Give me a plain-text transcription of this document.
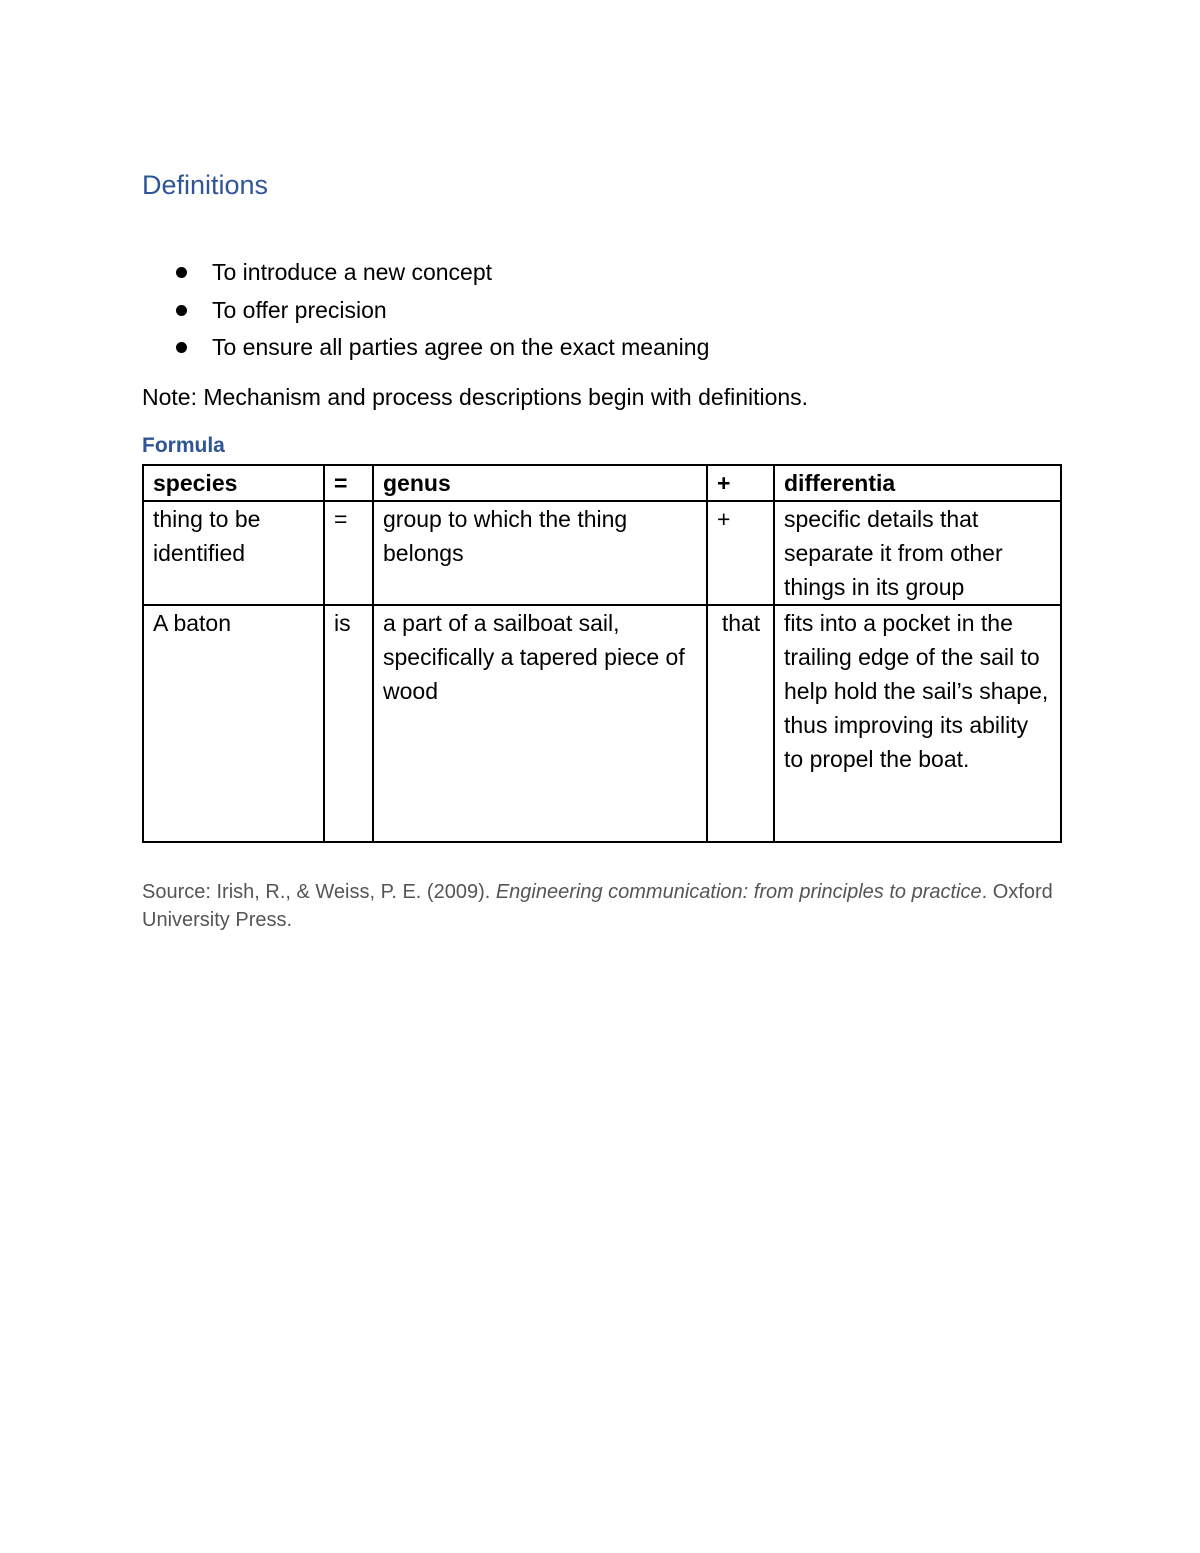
Definitions
To introduce a new concept
To offer precision
To ensure all parties agree on the exact meaning

Note: Mechanism and process descriptions begin with definitions.

Formula
species	=	genus	+	differentia
thing to be identified	=	group to which the thing belongs	+	specific details that separate it from other things in its group
A baton	is	a part of a sailboat sail, specifically a tapered piece of wood	that	fits into a pocket in the trailing edge of the sail to help hold the sail’s shape, thus improving its ability to propel the boat.

Source: Irish, R., & Weiss, P. E. (2009). Engineering communication: from principles to practice. Oxford University Press.
